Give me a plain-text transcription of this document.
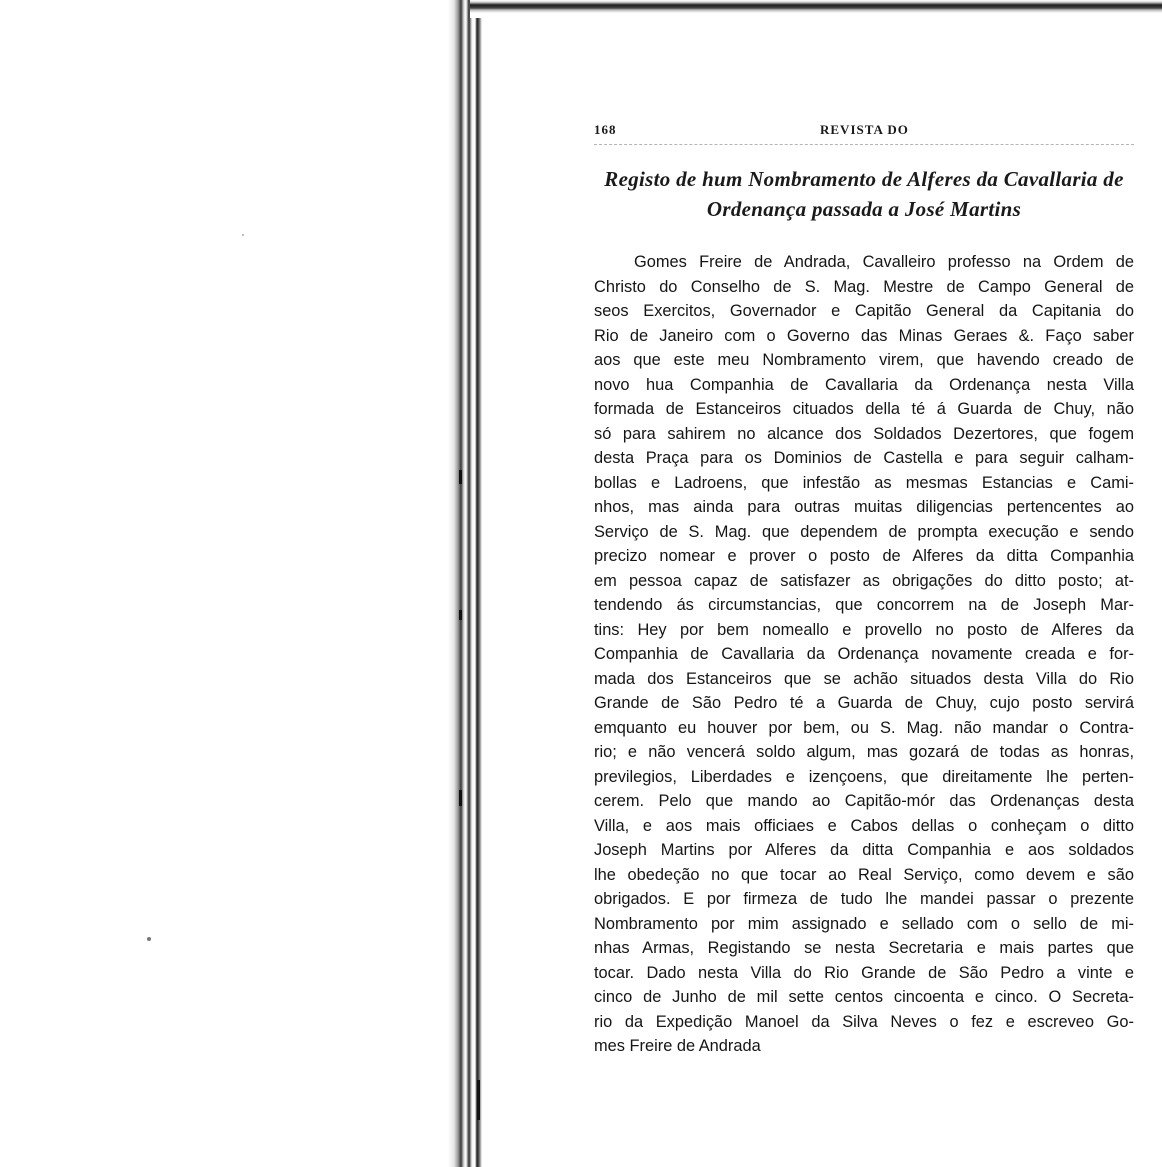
168	REVISTA DO
Registo de hum Nombramento de Alferes da Cavallaria de
Ordenança passada a José Martins
Gomes Freire de Andrada, Cavalleiro professo na Ordem de
Christo do Conselho de S. Mag. Mestre de Campo General de
seos Exercitos, Governador e Capitão General da Capitania do
Rio de Janeiro com o Governo das Minas Geraes &. Faço saber
aos que este meu Nombramento virem, que havendo creado de
novo hua Companhia de Cavallaria da Ordenança nesta Villa
formada de Estanceiros cituados della té á Guarda de Chuy, não
só para sahirem no alcance dos Soldados Dezertores, que fogem
desta Praça para os Dominios de Castella e para seguir calham-
bollas e Ladroens, que infestão as mesmas Estancias e Cami-
nhos, mas ainda para outras muitas diligencias pertencentes ao
Serviço de S. Mag. que dependem de prompta execução e sendo
precizo nomear e prover o posto de Alferes da ditta Companhia
em pessoa capaz de satisfazer as obrigações do ditto posto; at-
tendendo ás circumstancias, que concorrem na de Joseph Mar-
tins: Hey por bem nomeallo e provello no posto de Alferes da
Companhia de Cavallaria da Ordenança novamente creada e for-
mada dos Estanceiros que se achão situados desta Villa do Rio
Grande de São Pedro té a Guarda de Chuy, cujo posto servirá
emquanto eu houver por bem, ou S. Mag. não mandar o Contra-
rio; e não vencerá soldo algum, mas gozará de todas as honras,
previlegios, Liberdades e izençoens, que direitamente lhe perten-
cerem. Pelo que mando ao Capitão-mór das Ordenanças desta
Villa, e aos mais officiaes e Cabos dellas o conheçam o ditto
Joseph Martins por Alferes da ditta Companhia e aos soldados
lhe obedeção no que tocar ao Real Serviço, como devem e são
obrigados. E por firmeza de tudo lhe mandei passar o prezente
Nombramento por mim assignado e sellado com o sello de mi-
nhas Armas, Registando se nesta Secretaria e mais partes que
tocar. Dado nesta Villa do Rio Grande de São Pedro a vinte e
cinco de Junho de mil sette centos cincoenta e cinco. O Secreta-
rio da Expedição Manoel da Silva Neves o fez e escreveo Go-
mes Freire de Andrada
